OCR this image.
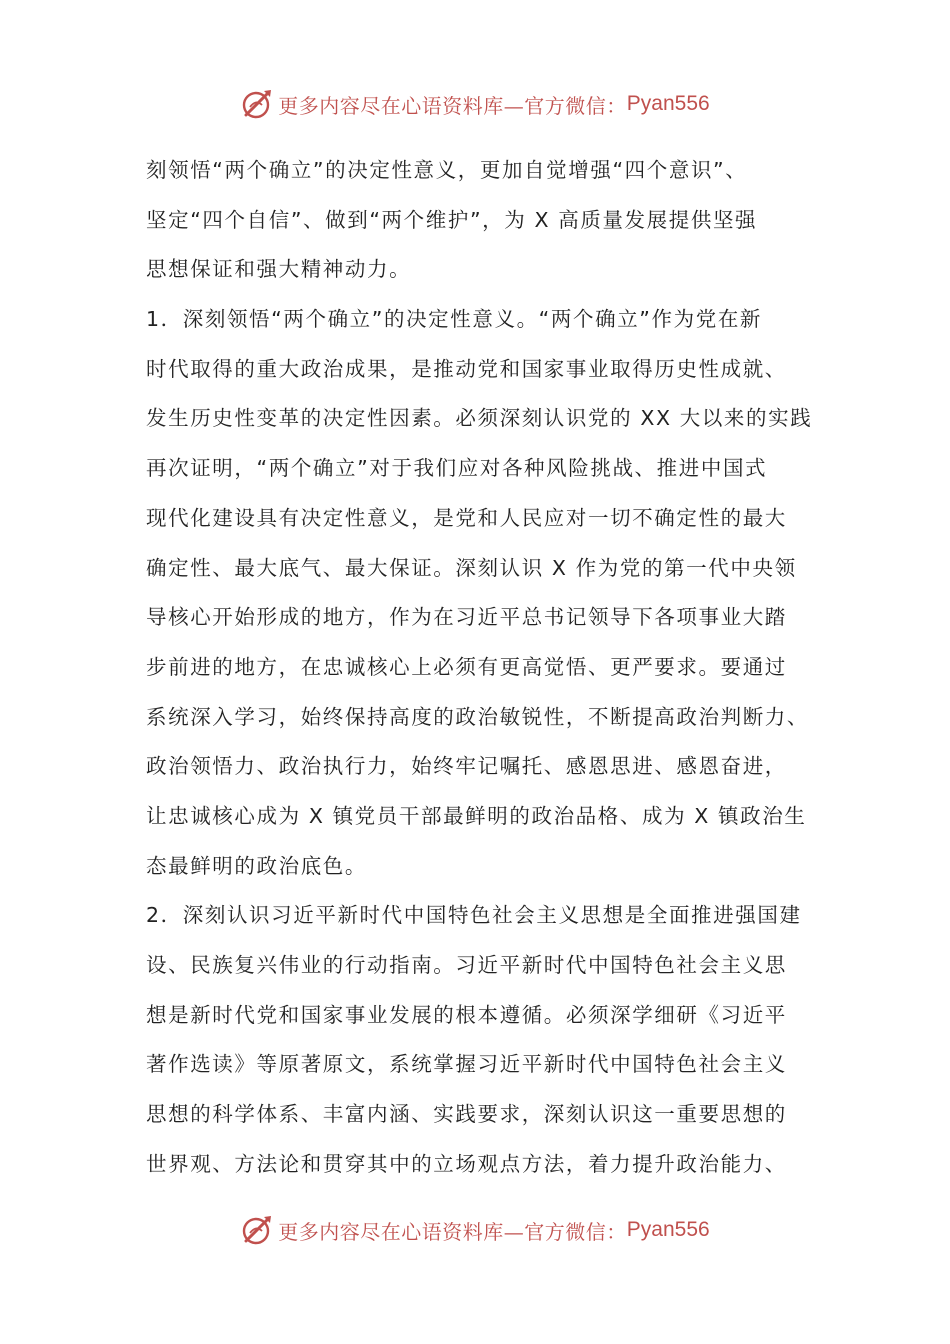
更多内容尽在心语资料库—官方微信： Pyan556
刻领悟“两个确立”的决定性意义，更加自觉增强“四个意识”、
坚定“四个自信”、做到“两个维护”，为 X 高质量发展提供坚强
思想保证和强大精神动力。
1．深刻领悟“两个确立”的决定性意义。“两个确立”作为党在新
时代取得的重大政治成果，是推动党和国家事业取得历史性成就、
发生历史性变革的决定性因素。必须深刻认识党的 XX 大以来的实践
再次证明，“两个确立”对于我们应对各种风险挑战、推进中国式
现代化建设具有决定性意义，是党和人民应对一切不确定性的最大
确定性、最大底气、最大保证。深刻认识 X 作为党的第一代中央领
导核心开始形成的地方，作为在习近平总书记领导下各项事业大踏
步前进的地方，在忠诚核心上必须有更高觉悟、更严要求。要通过
系统深入学习，始终保持高度的政治敏锐性，不断提高政治判断力、
政治领悟力、政治执行力，始终牢记嘱托、感恩思进、感恩奋进，
让忠诚核心成为 X 镇党员干部最鲜明的政治品格、成为 X 镇政治生
态最鲜明的政治底色。
2．深刻认识习近平新时代中国特色社会主义思想是全面推进强国建
设、民族复兴伟业的行动指南。习近平新时代中国特色社会主义思
想是新时代党和国家事业发展的根本遵循。必须深学细研《习近平
著作选读》等原著原文，系统掌握习近平新时代中国特色社会主义
思想的科学体系、丰富内涵、实践要求，深刻认识这一重要思想的
世界观、方法论和贯穿其中的立场观点方法，着力提升政治能力、
更多内容尽在心语资料库—官方微信： Pyan556
